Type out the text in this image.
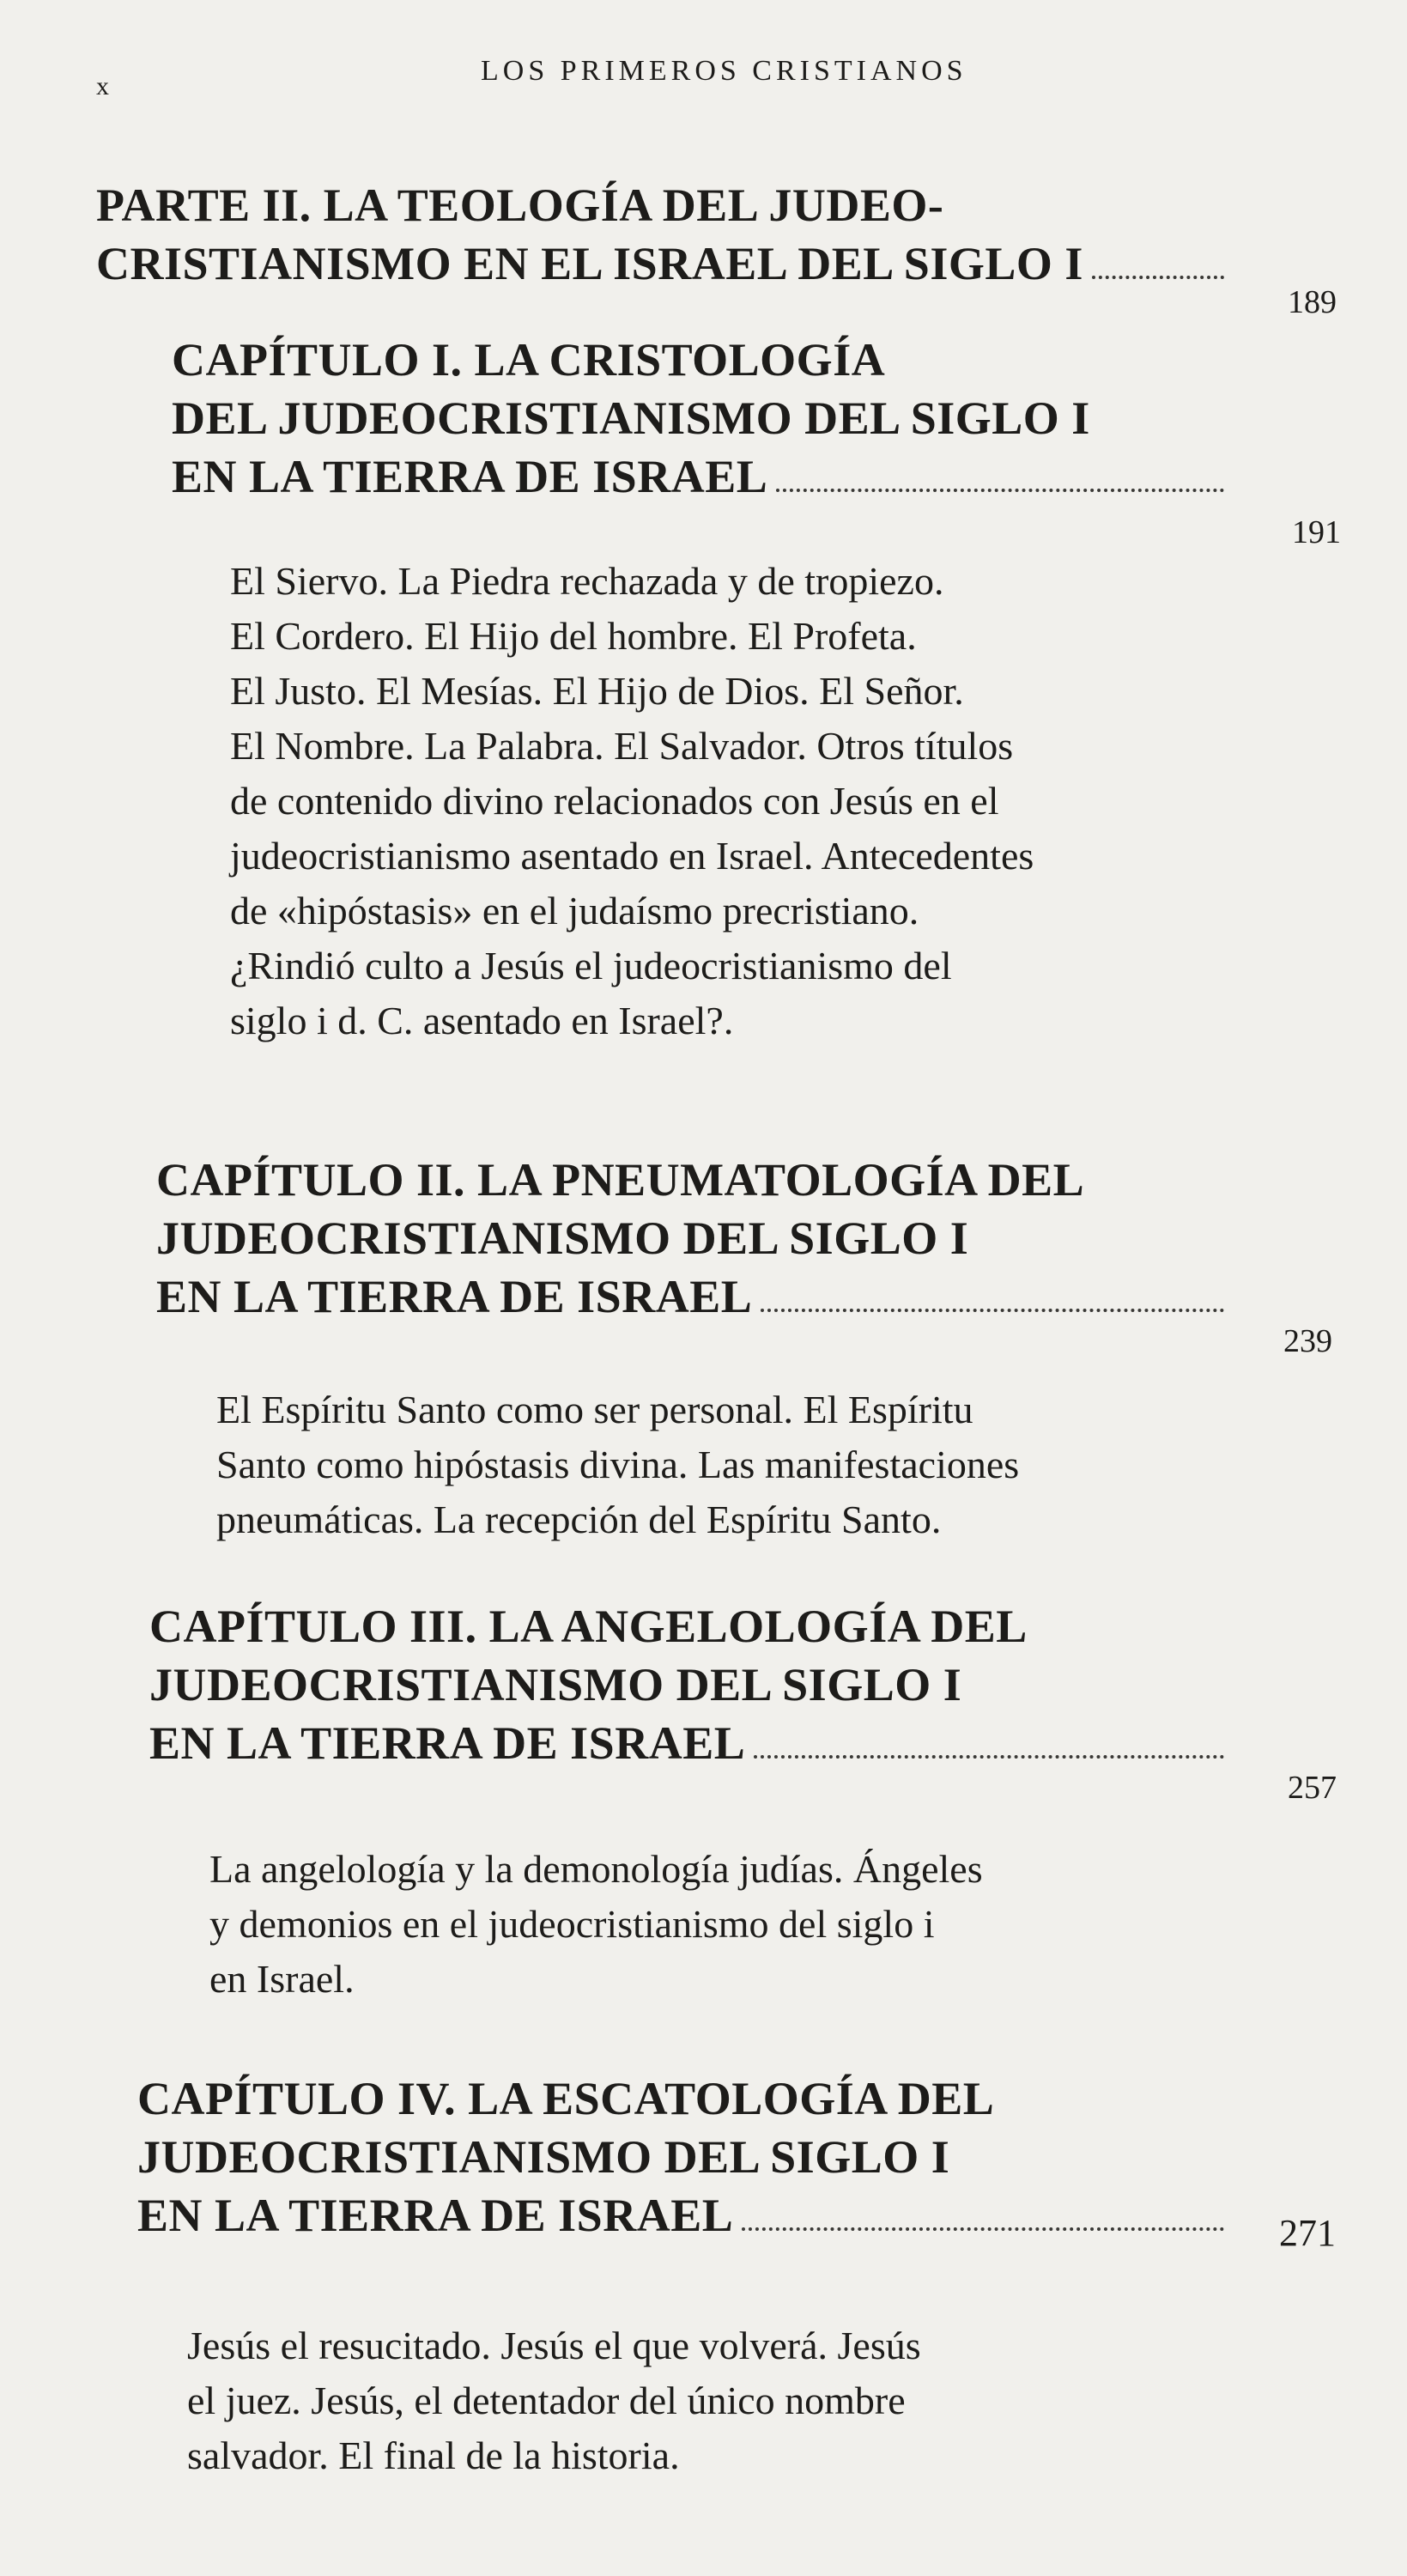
x	LOS PRIMEROS CRISTIANOS
PARTE II. LA TEOLOGÍA DEL JUDEO-
CRISTIANISMO EN EL ISRAEL DEL SIGLO I
189
CAPÍTULO I. LA CRISTOLOGÍA
DEL JUDEOCRISTIANISMO DEL SIGLO I
EN LA TIERRA DE ISRAEL
191
El Siervo. La Piedra rechazada y de tropiezo.
El Cordero. El Hijo del hombre. El Profeta.
El Justo. El Mesías. El Hijo de Dios. El Señor.
El Nombre. La Palabra. El Salvador. Otros títulos
de contenido divino relacionados con Jesús en el
judeocristianismo asentado en Israel. Antecedentes
de «hipóstasis» en el judaísmo precristiano.
¿Rindió culto a Jesús el judeocristianismo del
siglo i d. C. asentado en Israel?.
CAPÍTULO II. LA PNEUMATOLOGÍA DEL
JUDEOCRISTIANISMO DEL SIGLO I
EN LA TIERRA DE ISRAEL
239
El Espíritu Santo como ser personal. El Espíritu
Santo como hipóstasis divina. Las manifestaciones
pneumáticas. La recepción del Espíritu Santo.
CAPÍTULO III. LA ANGELOLOGÍA DEL
JUDEOCRISTIANISMO DEL SIGLO I
EN LA TIERRA DE ISRAEL
257
La angelología y la demonología judías. Ángeles
y demonios en el judeocristianismo del siglo i
en Israel.
CAPÍTULO IV. LA ESCATOLOGÍA DEL
JUDEOCRISTIANISMO DEL SIGLO I
EN LA TIERRA DE ISRAEL	271
Jesús el resucitado. Jesús el que volverá. Jesús
el juez. Jesús, el detentador del único nombre
salvador. El final de la historia.
